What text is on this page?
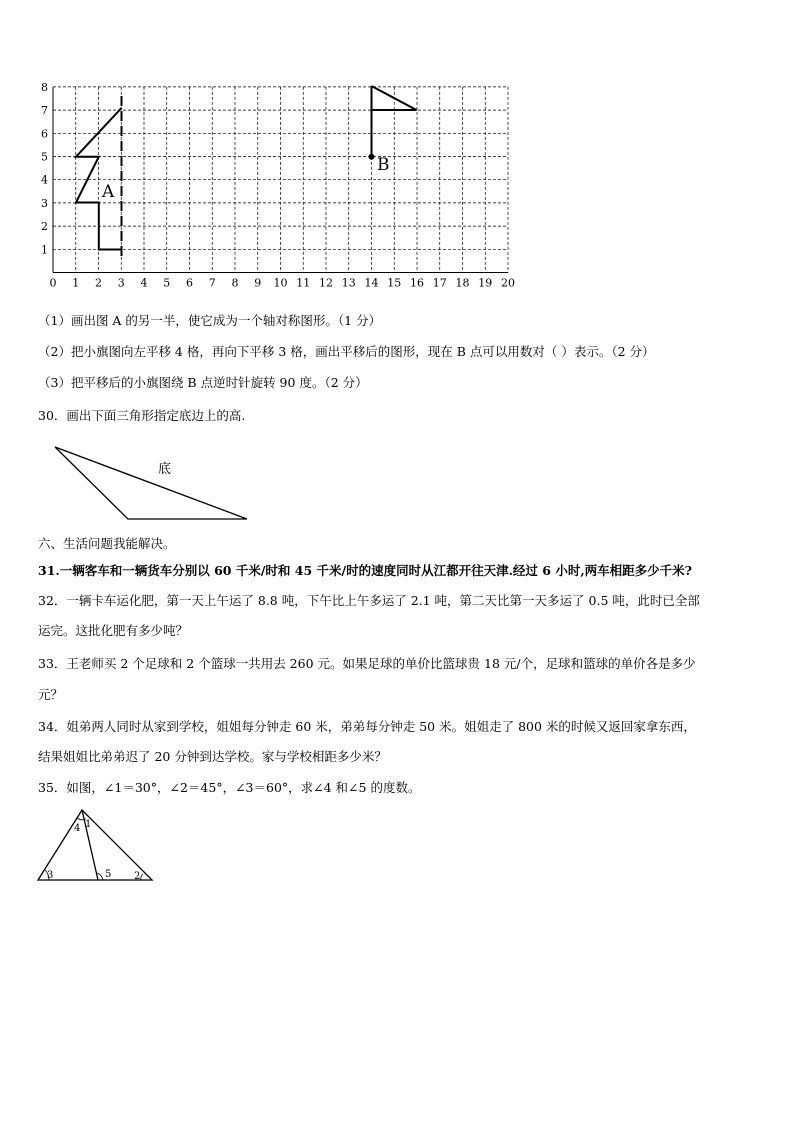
0 1 2 3 4 5 6 7 8 9 10 11 12 13 14 15 16 17 18 19 20
1
2
3
4
5
6
7
8
A
B
（1）画出图 A 的另一半，使它成为一个轴对称图形。（1 分）
（2）把小旗图向左平移 4 格，再向下平移 3 格，画出平移后的图形，现在 B 点可以用数对（ ）表示。（2 分）
（3）把平移后的小旗图绕 B 点逆时针旋转 90 度。（2 分）
30．画出下面三角形指定底边上的高.
底
六、生活问题我能解决。
31.一辆客车和一辆货车分别以 60 千米/时和 45 千米/时的速度同时从江都开往天津.经过 6 小时,两车相距多少千米?
32．一辆卡车运化肥，第一天上午运了 8.8 吨，下午比上午多运了 2.1 吨，第二天比第一天多运了 0.5 吨，此时已全部
运完。这批化肥有多少吨？
33．王老师买 2 个足球和 2 个篮球一共用去 260 元。如果足球的单价比篮球贵 18 元/个，足球和篮球的单价各是多少
元？
34．姐弟两人同时从家到学校，姐姐每分钟走 60 米，弟弟每分钟走 50 米。姐姐走了 800 米的时候又返回家拿东西，
结果姐姐比弟弟迟了 20 分钟到达学校。家与学校相距多少米？
35．如图，∠1＝30°，∠2＝45°，∠3＝60°，求∠4 和∠5 的度数。
1
4
3	5 2
